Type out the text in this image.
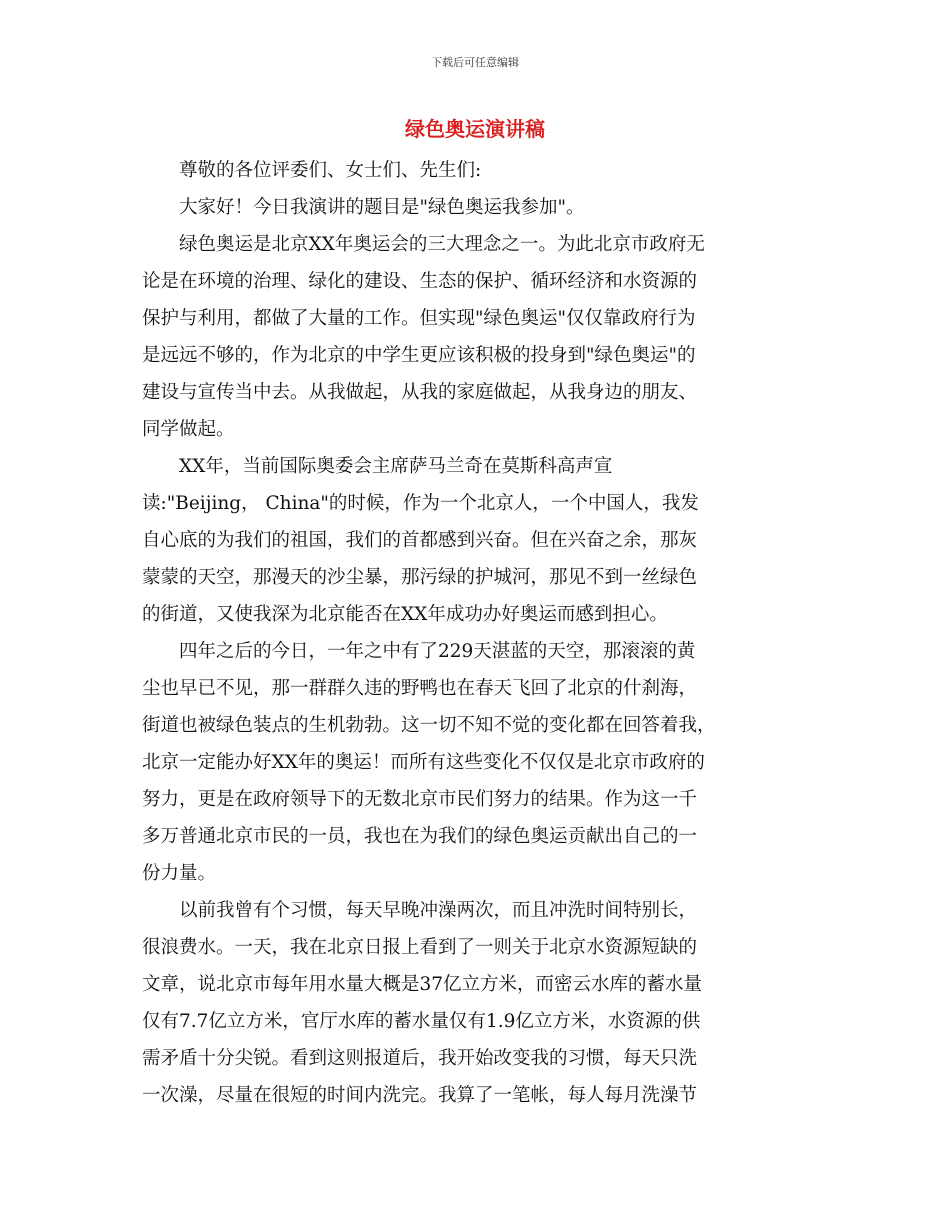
下载后可任意编辑
绿色奥运演讲稿

尊敬的各位评委们、女士们、先生们:

大家好！今日我演讲的题目是"绿色奥运我参加"。

绿色奥运是北京XX年奥运会的三大理念之一。为此北京市政府无
论是在环境的治理、绿化的建设、生态的保护、循环经济和水资源的
保护与利用，都做了大量的工作。但实现"绿色奥运"仅仅靠政府行为
是远远不够的，作为北京的中学生更应该积极的投身到"绿色奥运"的
建设与宣传当中去。从我做起，从我的家庭做起，从我身边的朋友、
同学做起。

XX年，当前国际奥委会主席萨马兰奇在莫斯科高声宣
读:"Beijing， China"的时候，作为一个北京人，一个中国人，我发
自心底的为我们的祖国，我们的首都感到兴奋。但在兴奋之余，那灰
蒙蒙的天空，那漫天的沙尘暴，那污绿的护城河，那见不到一丝绿色
的街道，又使我深为北京能否在XX年成功办好奥运而感到担心。

四年之后的今日，一年之中有了229天湛蓝的天空，那滚滚的黄
尘也早已不见，那一群群久违的野鸭也在春天飞回了北京的什刹海，
街道也被绿色装点的生机勃勃。这一切不知不觉的变化都在回答着我，
北京一定能办好XX年的奥运！而所有这些变化不仅仅是北京市政府的
努力，更是在政府领导下的无数北京市民们努力的结果。作为这一千
多万普通北京市民的一员，我也在为我们的绿色奥运贡献出自己的一
份力量。

以前我曾有个习惯，每天早晚冲澡两次，而且冲洗时间特别长，
很浪费水。一天，我在北京日报上看到了一则关于北京水资源短缺的
文章，说北京市每年用水量大概是37亿立方米，而密云水库的蓄水量
仅有7.7亿立方米，官厅水库的蓄水量仅有1.9亿立方米，水资源的供
需矛盾十分尖锐。看到这则报道后，我开始改变我的习惯，每天只洗
一次澡，尽量在很短的时间内洗完。我算了一笔帐，每人每月洗澡节
